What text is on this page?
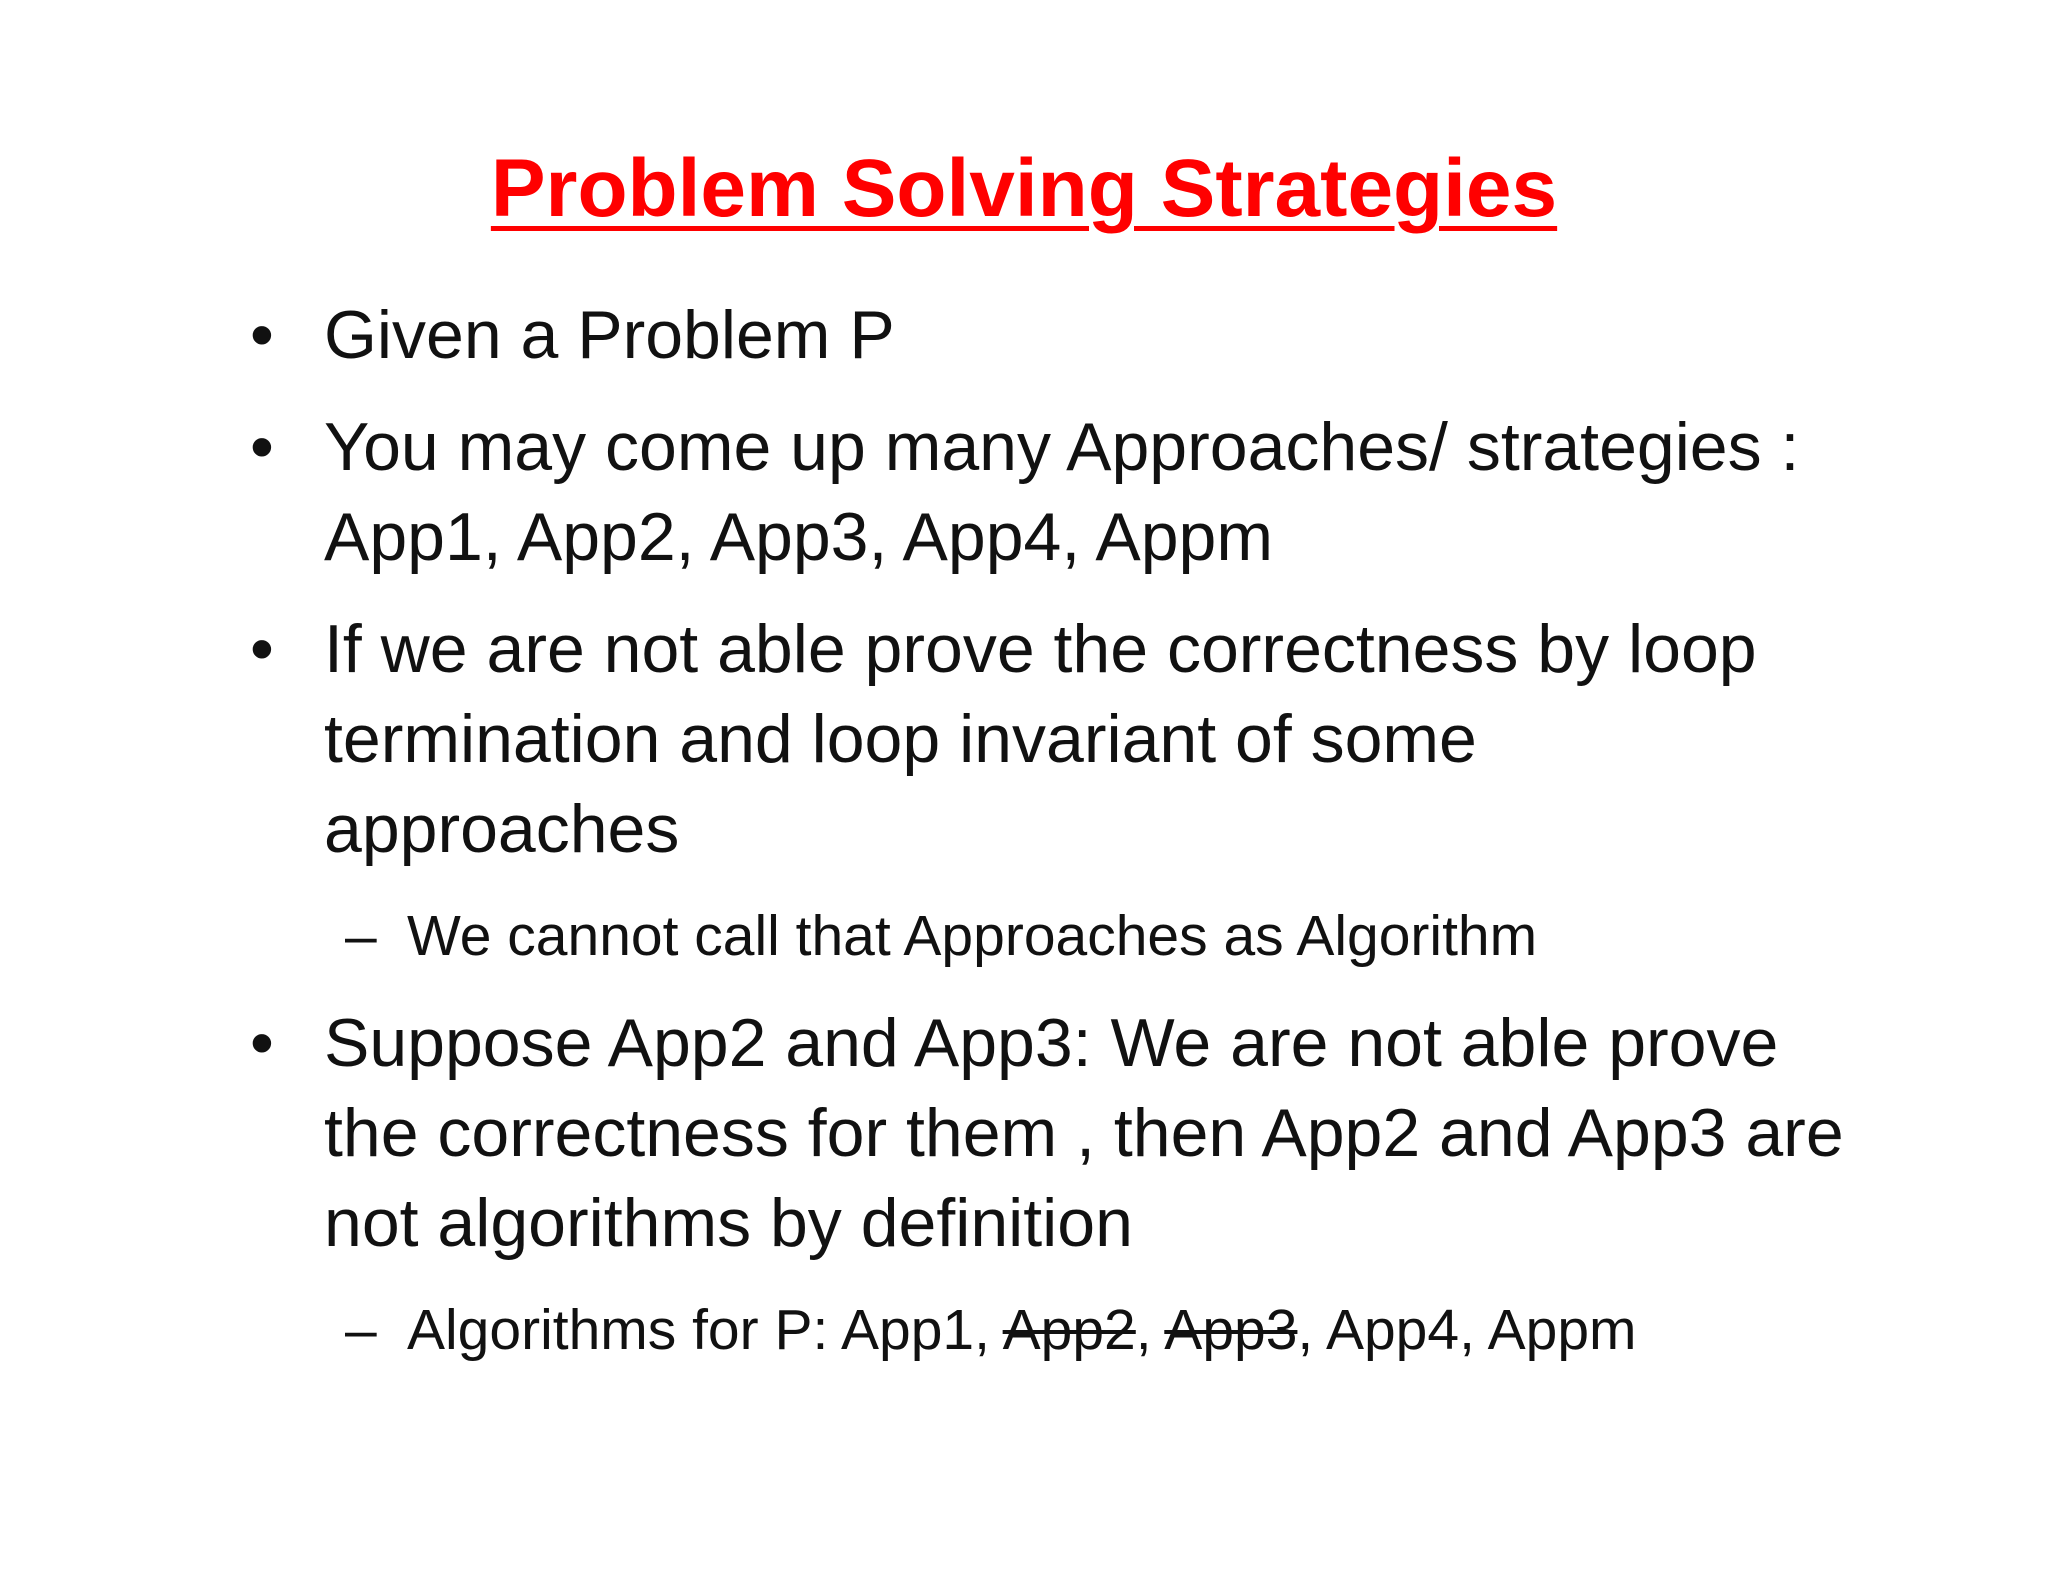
Problem Solving Strategies
• Given a Problem P
• You may come up many Approaches/ strategies : App1, App2, App3, App4, Appm
• If we are not able prove the correctness by loop termination and loop invariant of some approaches
– We cannot call that Approaches as Algorithm
• Suppose App2 and App3: We are not able prove the correctness for them , then App2 and App3 are not algorithms by definition
– Algorithms for P: App1, App2, App3, App4, Appm
